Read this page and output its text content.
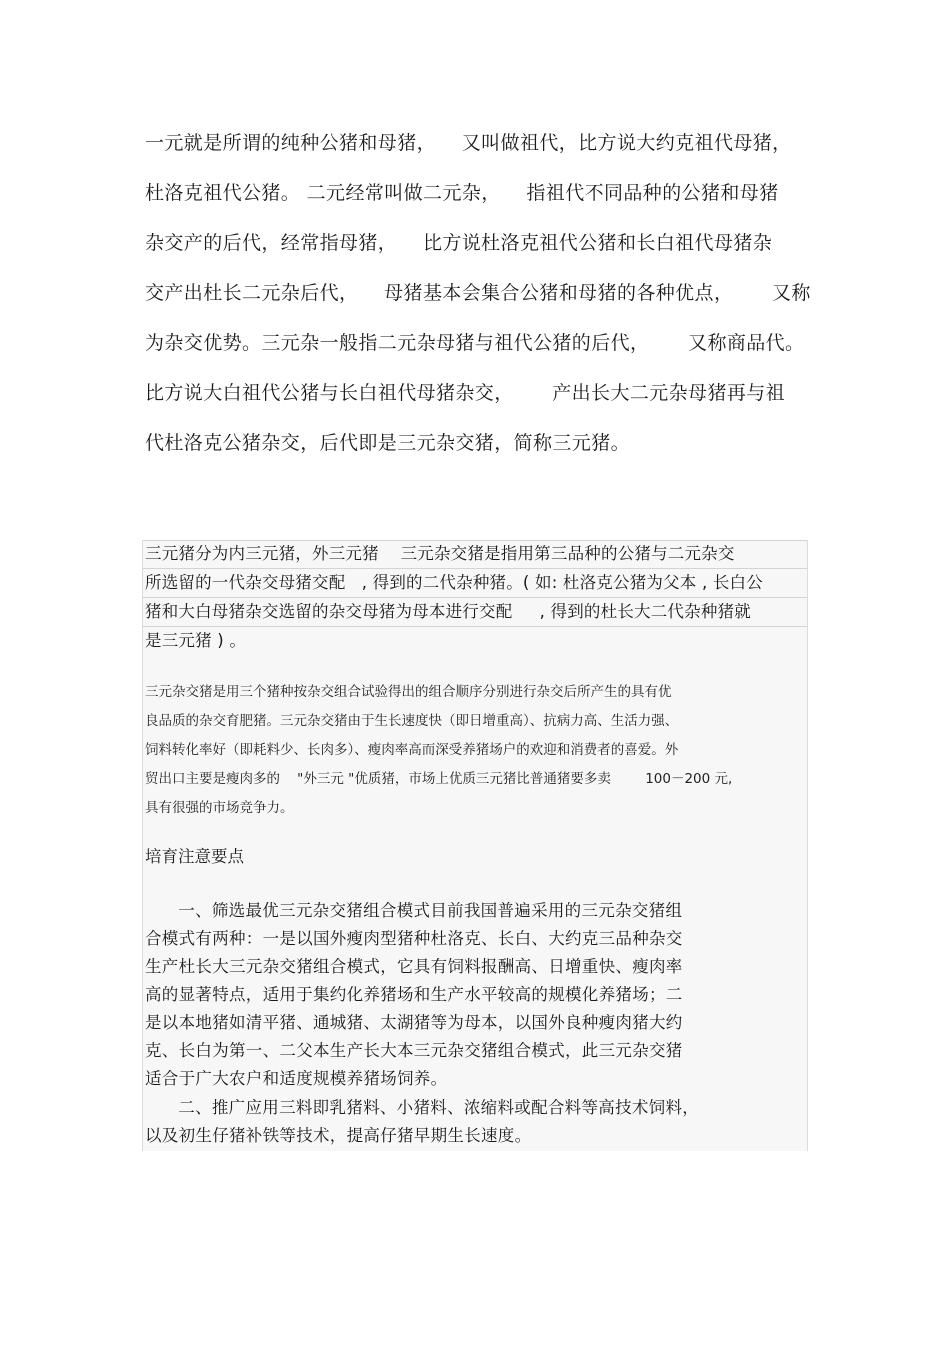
一元就是所谓的纯种公猪和母猪，    又叫做祖代，比方说大约克祖代母猪，
杜洛克祖代公猪。 二元经常叫做二元杂，    指祖代不同品种的公猪和母猪
杂交产的后代，经常指母猪，    比方说杜洛克祖代公猪和长白祖代母猪杂
交产出杜长二元杂后代，    母猪基本会集合公猪和母猪的各种优点，      又称
为杂交优势。三元杂一般指二元杂母猪与祖代公猪的后代，      又称商品代。
比方说大白祖代公猪与长白祖代母猪杂交，      产出长大二元杂母猪再与祖
代杜洛克公猪杂交，后代即是三元杂交猪，简称三元猪。
三元猪分为内三元猪，外三元猪    三元杂交猪是指用第三品种的公猪与二元杂交
所选留的一代杂交母猪交配   , 得到的二代杂种猪。( 如: 杜洛克公猪为父本 , 长白公
猪和大白母猪杂交选留的杂交母猪为母本进行交配     , 得到的杜长大二代杂种猪就
是三元猪 ) 。
三元杂交猪是用三个猪种按杂交组合试验得出的组合顺序分别进行杂交后所产生的具有优
良品质的杂交育肥猪。三元杂交猪由于生长速度快（即日增重高）、抗病力高、生活力强、
饲料转化率好（即耗料少、长肉多）、瘦肉率高而深受养猪场户的欢迎和消费者的喜爱。外
贸出口主要是瘦肉多的    "外三元 "优质猪，市场上优质三元猪比普通猪要多卖        100－200 元,
具有很强的市场竞争力。
培育注意要点
一、筛选最优三元杂交猪组合模式目前我国普遍采用的三元杂交猪组
合模式有两种：一是以国外瘦肉型猪种杜洛克、长白、大约克三品种杂交
生产杜长大三元杂交猪组合模式，它具有饲料报酬高、日增重快、瘦肉率
高的显著特点，适用于集约化养猪场和生产水平较高的规模化养猪场；二
是以本地猪如清平猪、通城猪、太湖猪等为母本，以国外良种瘦肉猪大约
克、长白为第一、二父本生产长大本三元杂交猪组合模式，此三元杂交猪
适合于广大农户和适度规模养猪场饲养。
二、推广应用三料即乳猪料、小猪料、浓缩料或配合料等高技术饲料，
以及初生仔猪补铁等技术，提高仔猪早期生长速度。
